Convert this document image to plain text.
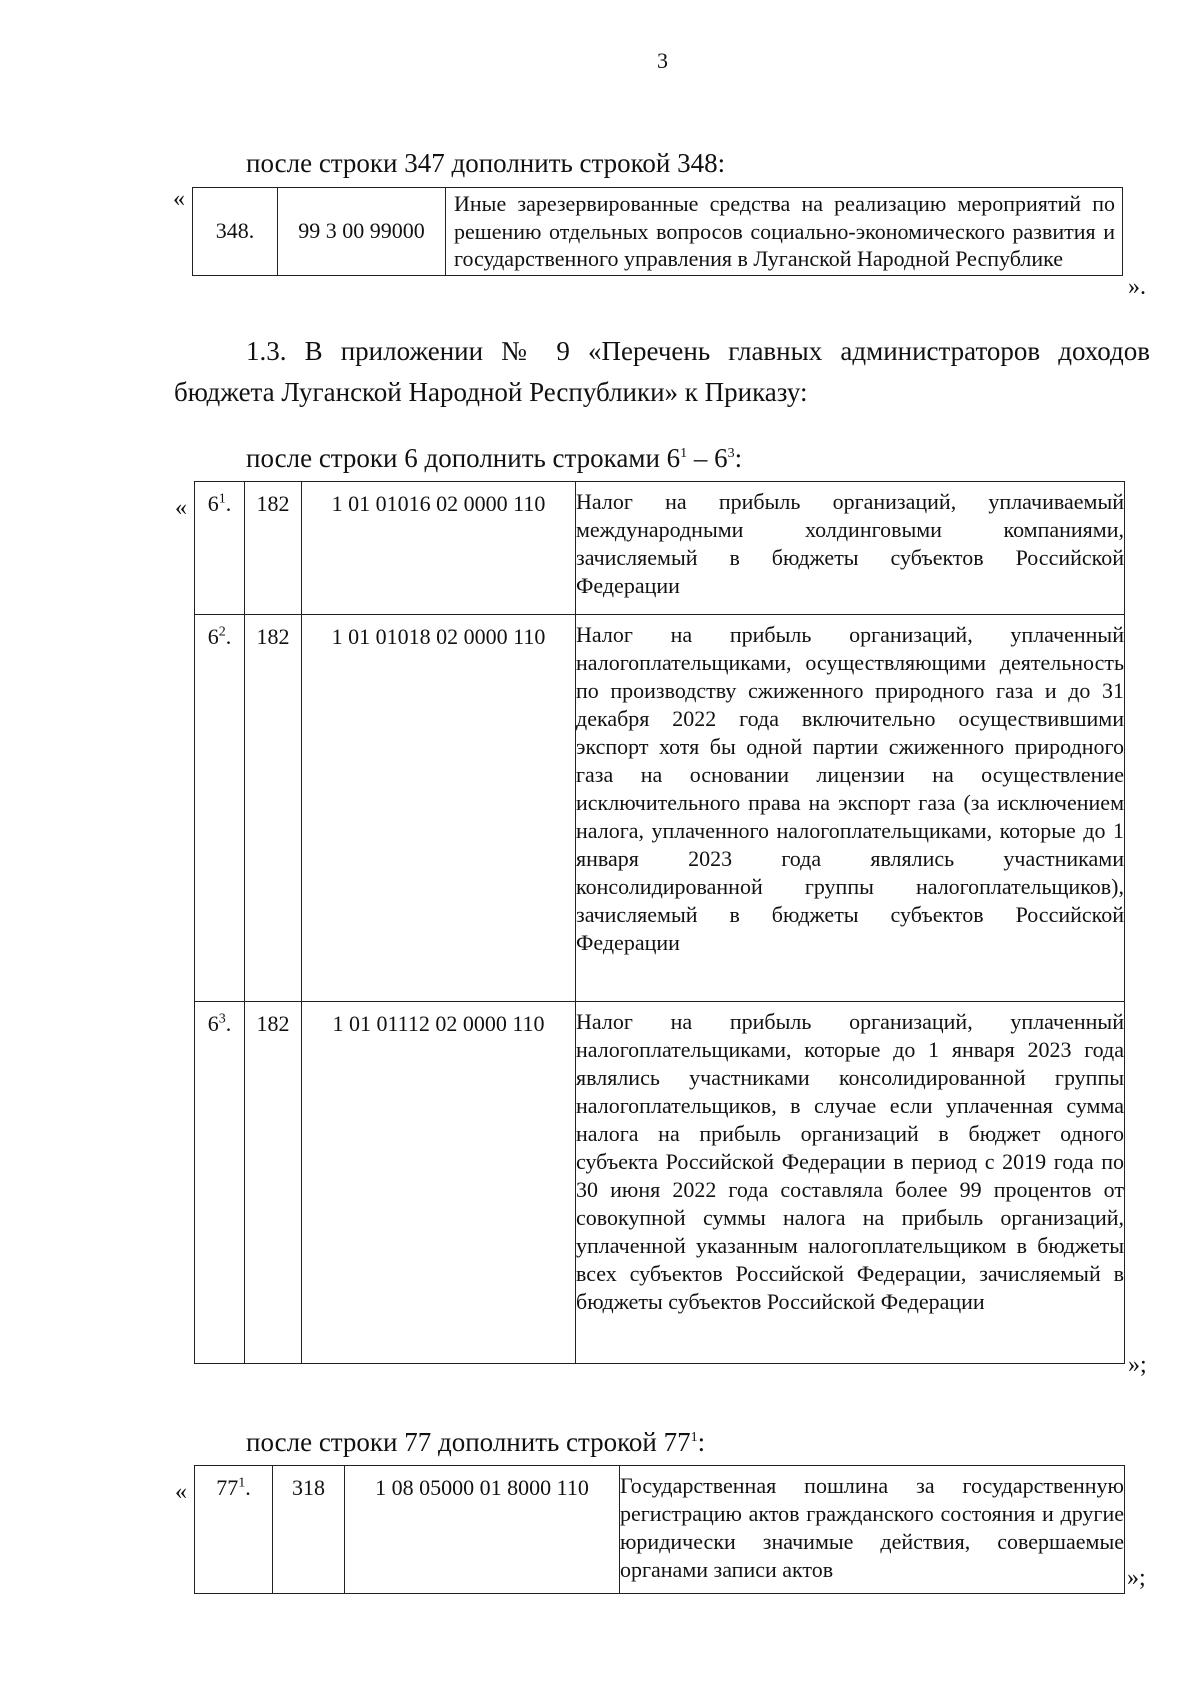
3
после строки 347 дополнить строкой 348:
«
348.	99 3 00 99000	Иные зарезервированные средства на реализацию мероприятий по решению отдельных вопросов социально-экономического развития и государственного управления в Луганской Народной Республике
».
1.3. В приложении № 9 «Перечень главных администраторов доходов бюджета Луганской Народной Республики» к Приказу:
после строки 6 дополнить строками $6^1 - 6^3$:
« $6^1$.	182	1 01 01016 02 0000 110	Налог на прибыль организаций, уплачиваемый международными холдинговыми компаниями, зачисляемый в бюджеты субъектов Российской Федерации
$6^2$.	182	1 01 01018 02 0000 110	Налог на прибыль организаций, уплаченный налогоплательщиками, осуществляющими деятельность по производству сжиженного природного газа и до 31 декабря 2022 года включительно осуществившими экспорт хотя бы одной партии сжиженного природного газа на основании лицензии на осуществление исключительного права на экспорт газа (за исключением налога, уплаченного налогоплательщиками, которые до 1 января 2023 года являлись участниками консолидированной группы налогоплательщиков), зачисляемый в бюджеты субъектов Российской Федерации
$6^3$.	182	1 01 01112 02 0000 110	Налог на прибыль организаций, уплаченный налогоплательщиками, которые до 1 января 2023 года являлись участниками консолидированной группы налогоплательщиков, в случае если уплаченная сумма налога на прибыль организаций в бюджет одного субъекта Российской Федерации в период с 2019 года по 30 июня 2022 года составляла более 99 процентов от совокупной суммы налога на прибыль организаций, уплаченной указанным налогоплательщиком в бюджеты всех субъектов Российской Федерации, зачисляемый в бюджеты субъектов Российской Федерации
»;
после строки 77 дополнить строкой $77^1$:
« $77^1$.	318	1 08 05000 01 8000 110	Государственная пошлина за государственную регистрацию актов гражданского состояния и другие юридически значимые действия, совершаемые органами записи актов	»;
